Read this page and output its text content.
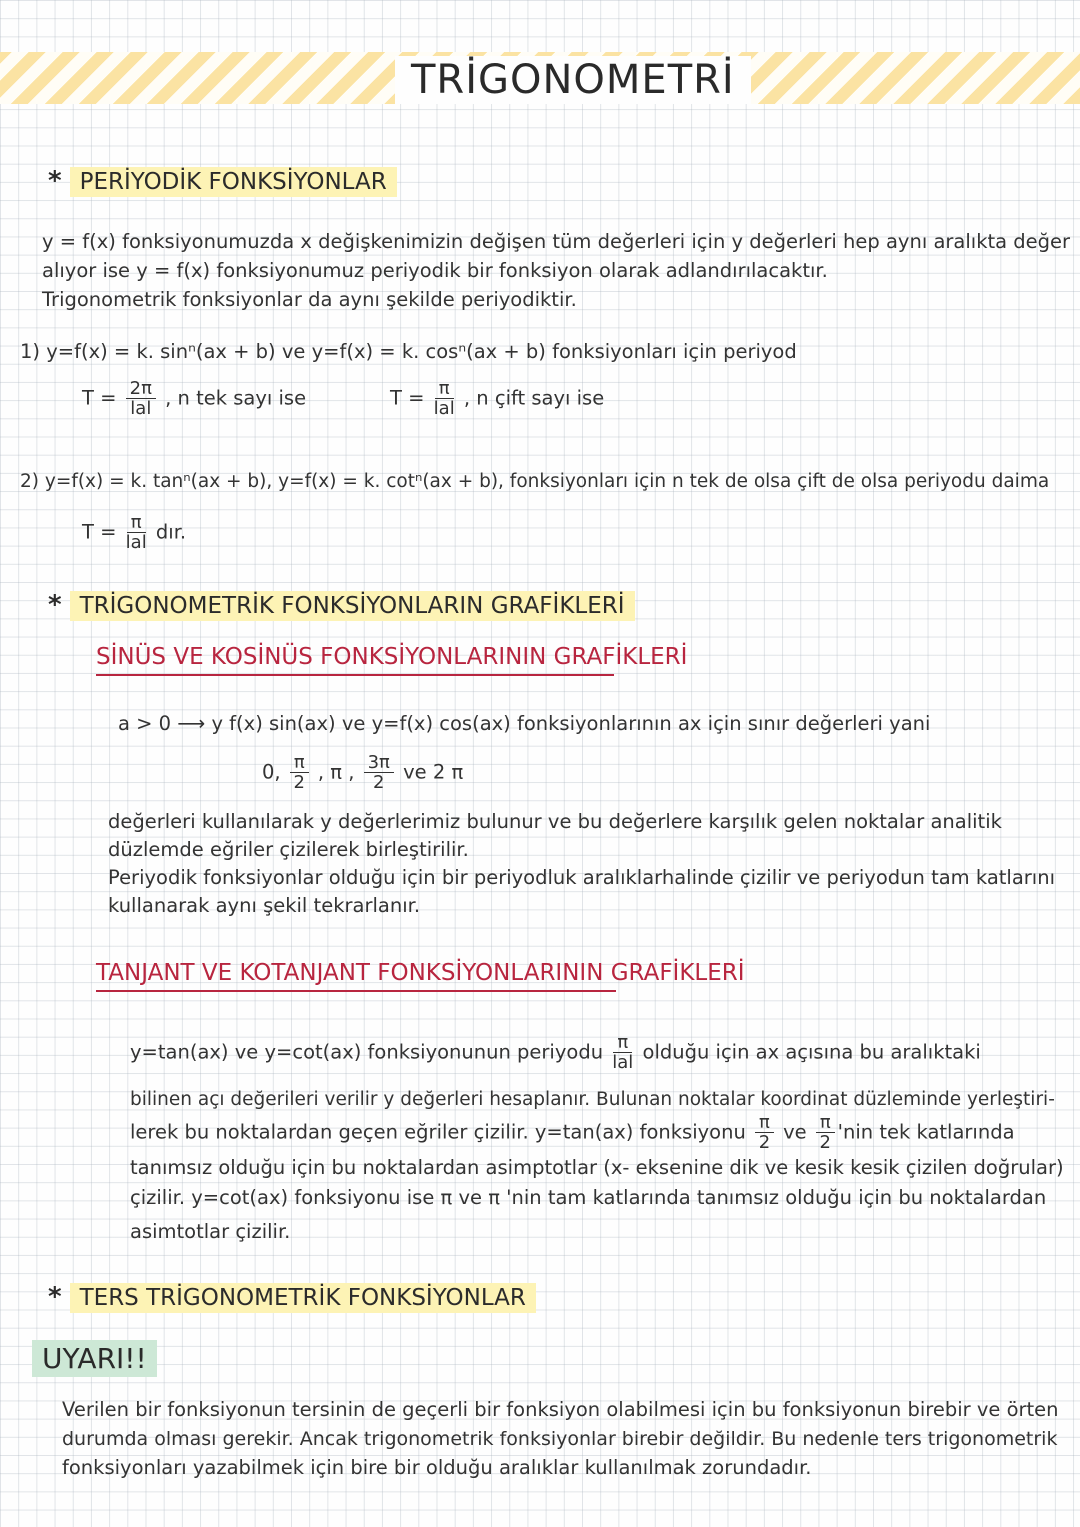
TRİGONOMETRİ
* PERİYODİK FONKSİYONLAR
y = f(x) fonksiyonumuzda x değişkenimizin değişen tüm değerleri için y değerleri hep aynı aralıkta değer
alıyor ise y = f(x) fonksiyonumuz periyodik bir fonksiyon olarak adlandırılacaktır.
Trigonometrik fonksiyonlar da aynı şekilde periyodiktir.
1) y=f(x) = k. sinⁿ(ax + b) ve y=f(x) = k. cosⁿ(ax + b) fonksiyonları için periyod
$T = \frac{2\pi}{\text{lal}}$ , n tek sayı ise	$T = \frac{\pi}{\text{lal}}$ , n çift sayı ise
2) y=f(x) = k. tanⁿ(ax + b), y=f(x) = k. cotⁿ(ax + b), fonksiyonları için n tek de olsa çift de olsa periyodu daima
$T = \frac{\pi}{\text{lal}}$ dır.
* TRİGONOMETRİK FONKSİYONLARIN GRAFİKLERİ
SİNÜS VE KOSİNÜS FONKSİYONLARININ GRAFİKLERİ
a > 0 ⟶ y f(x) sin(ax) ve y=f(x) cos(ax) fonksiyonlarının ax için sınır değerleri yani
0, $\frac{\pi}{2}$ , π , $\frac{3\pi}{2}$ ve 2 π
değerleri kullanılarak y değerlerimiz bulunur ve bu değerlere karşılık gelen noktalar analitik
düzlemde eğriler çizilerek birleştirilir.
Periyodik fonksiyonlar olduğu için bir periyodluk aralıklarhalinde çizilir ve periyodun tam katlarını
kullanarak aynı şekil tekrarlanır.
TANJANT VE KOTANJANT FONKSİYONLARININ GRAFİKLERİ
y=tan(ax) ve y=cot(ax) fonksiyonunun periyodu $\frac{\pi}{\text{lal}}$ olduğu için ax açısına bu aralıktaki
bilinen açı değerileri verilir y değerleri hesaplanır. Bulunan noktalar koordinat düzleminde yerleştiri-
lerek bu noktalardan geçen eğriler çizilir. y=tan(ax) fonksiyonu $\frac{\pi}{2}$ ve $\frac{\pi}{2}$ 'nin tek katlarında
tanımsız olduğu için bu noktalardan asimptotlar (x- eksenine dik ve kesik kesik çizilen doğrular)
çizilir. y=cot(ax) fonksiyonu ise π ve π 'nin tam katlarında tanımsız olduğu için bu noktalardan
asimtotlar çizilir.
* TERS TRİGONOMETRİK FONKSİYONLAR
UYARI!!
Verilen bir fonksiyonun tersinin de geçerli bir fonksiyon olabilmesi için bu fonksiyonun birebir ve örten
durumda olması gerekir. Ancak trigonometrik fonksiyonlar birebir değildir. Bu nedenle ters trigonometrik
fonksiyonları yazabilmek için bire bir olduğu aralıklar kullanılmak zorundadır.
